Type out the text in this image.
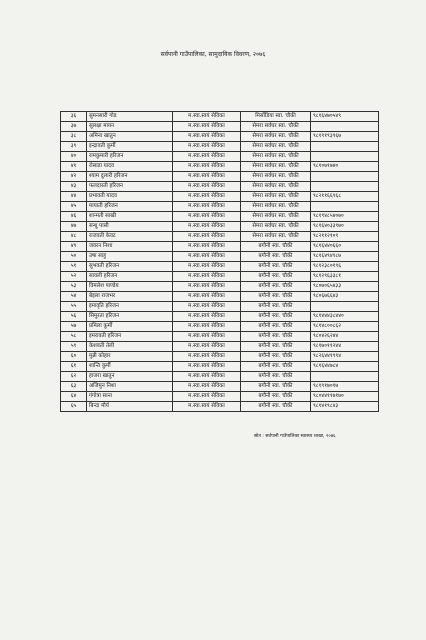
सर्वपानी गाउँपालिका, सामुदायिक विवरण, २०७६
३६	सुमनसारी गोड	म.स्वा.स्वयं सेविका	मिर्सोडिया स्वा. चौकी	९८१६४७०५४९
३७	सुलक्षा मायन	म.स्वा.स्वयं सेविका	सेमरा सर्वघर स्वा. चौकी	
३८	अमिना खातुन	म.स्वा.स्वयं सेविका	सेमरा सर्वघर स्वा. चौकी	९८१९१९३९६७
३९	इन्द्रावती कुर्मी	म.स्वा.स्वयं सेविका	सेमरा सर्वघर स्वा. चौकी	
४०	रामकुमारी हरिजन	म.स्वा.स्वयं सेविका	सेमरा सर्वघर स्वा. चौकी	
४१	रोसाडा यादव	म.स्वा.स्वयं सेविका	सेमरा सर्वघर स्वा. चौकी	९८१०७१७४०
४२	श्याम दुलारी हरिजन	म.स्वा.स्वयं सेविका	सेमरा सर्वघर स्वा. चौकी	
४३	फलदारती हरिजन	म.स्वा.स्वयं सेविका	सेमरा सर्वघर स्वा. चौकी	
४४	प्रभावती यादव	म.स्वा.स्वयं सेविका	सेमरा सर्वघर स्वा. चौकी	९८२११६६९६८
४५	मायाती हरिजन	म.स्वा.स्वयं सेविका	सेमरा सर्वघर स्वा. चौकी	
४६	शान्मती साखी	म.स्वा.स्वयं सेविका	सेमरा सर्वघर स्वा. चौकी	९८१९४८५४०७०
४७	सन्धु पासी	म.स्वा.स्वयं सेविका	सेमरा सर्वघर स्वा. चौकी	९८१६४०३३९७०
४८	राजवती केवट	म.स्वा.स्वयं सेविका	सेमरा सर्वघर स्वा. चौकी	९८२११२१०९
४९	जवरन निशा	म.स्वा.स्वयं सेविका	बगौनी स्वा. चौकी	९८१६४४०६६०
५०	उषा साहु	म.स्वा.स्वयं सेविका	बगौनी स्वा. चौकी	९८१६४९४९८७
५१	सुभवती हरिजन	म.स्वा.स्वयं सेविका	बगौनी स्वा. चौकी	९८१२३८०१९६
५२	सावली हरिजन	म.स्वा.स्वयं सेविका	बगौनी स्वा. चौकी	९८१२९६३३८१
५३	विमलेश पाण्डेय	म.स्वा.स्वयं सेविका	बगौनी स्वा. चौकी	९८०७०६५४३३
५४	बेइला राजभर	म.स्वा.स्वयं सेविका	बगौनी स्वा. चौकी	९८०६७६६४३
५५	इमावृति हरिजन	म.स्वा.स्वयं सेविका	बगौनी स्वा. चौकी	
५६	सिमुरता हरिजन	म.स्वा.स्वयं सेविका	बगौनी स्वा. चौकी	९८१४४४३८४४०
५७	प्रमिला कुर्मी	म.स्वा.स्वयं सेविका	बगौनी स्वा. चौकी	९८१४८००८६२
५८	इमरावती हरिजन	म.स्वा.स्वयं सेविका	बगौनी स्वा. चौकी	९८०४२६२४४
५९	केशवती तेली	म.स्वा.स्वयं सेविका	बगौनी स्वा. चौकी	९८१७०११२४४
६०	मुन्नी कोहार	म.स्वा.स्वयं सेविका	बगौनी स्वा. चौकी	९८२६४४१९९४
६१	शान्ति कुर्मी	म.स्वा.स्वयं सेविका	बगौनी स्वा. चौकी	९८१६४४७८४
६२	हाजरा खातुन	म.स्वा.स्वयं सेविका	बगौनी स्वा. चौकी	
६३	अजिमुन निशा	म.स्वा.स्वयं सेविका	बगौनी स्वा. चौकी	९८१९१७०१७
६४	गंगोत्रा साना	म.स्वा.स्वयं सेविका	बगौनी स्वा. चौकी	९८०४४११७१७०
६५	बिन्दा मौर्य	म.स्वा.स्वयं सेविका	बगौनी स्वा. चौकी	९८१४१९८४३
स्रोत : सर्वपानी गाउँपालिका स्वास्थ्य शाखा, २०७६
